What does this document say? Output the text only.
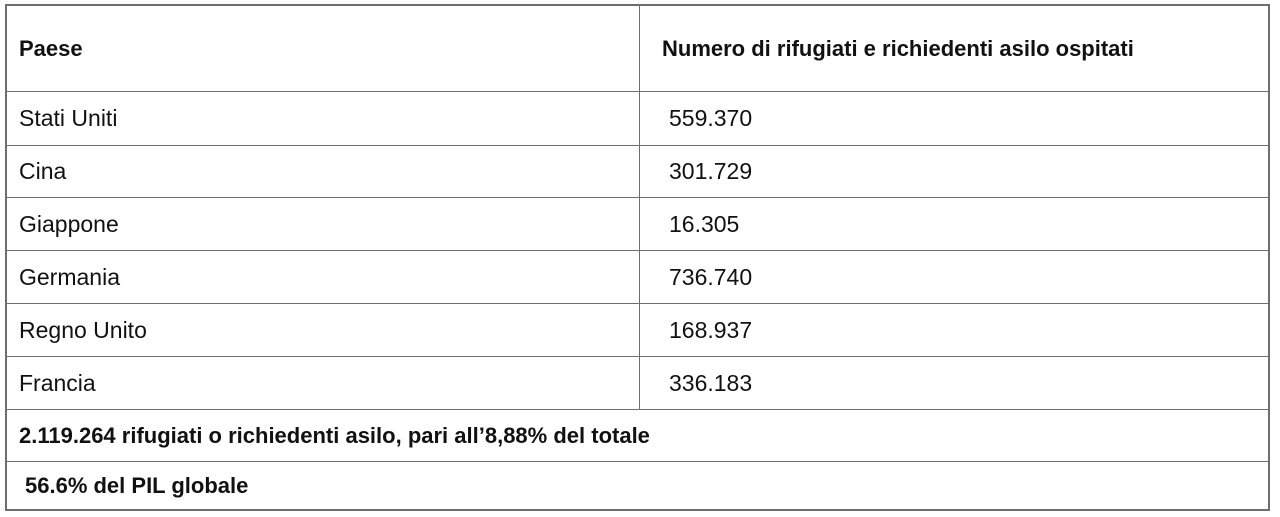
Paese	Numero di rifugiati e richiedenti asilo ospitati
Stati Uniti	559.370
Cina	301.729
Giappone	16.305
Germania	736.740
Regno Unito	168.937
Francia	336.183
2.119.264 rifugiati o richiedenti asilo, pari all’8,88% del totale
56.6% del PIL globale
